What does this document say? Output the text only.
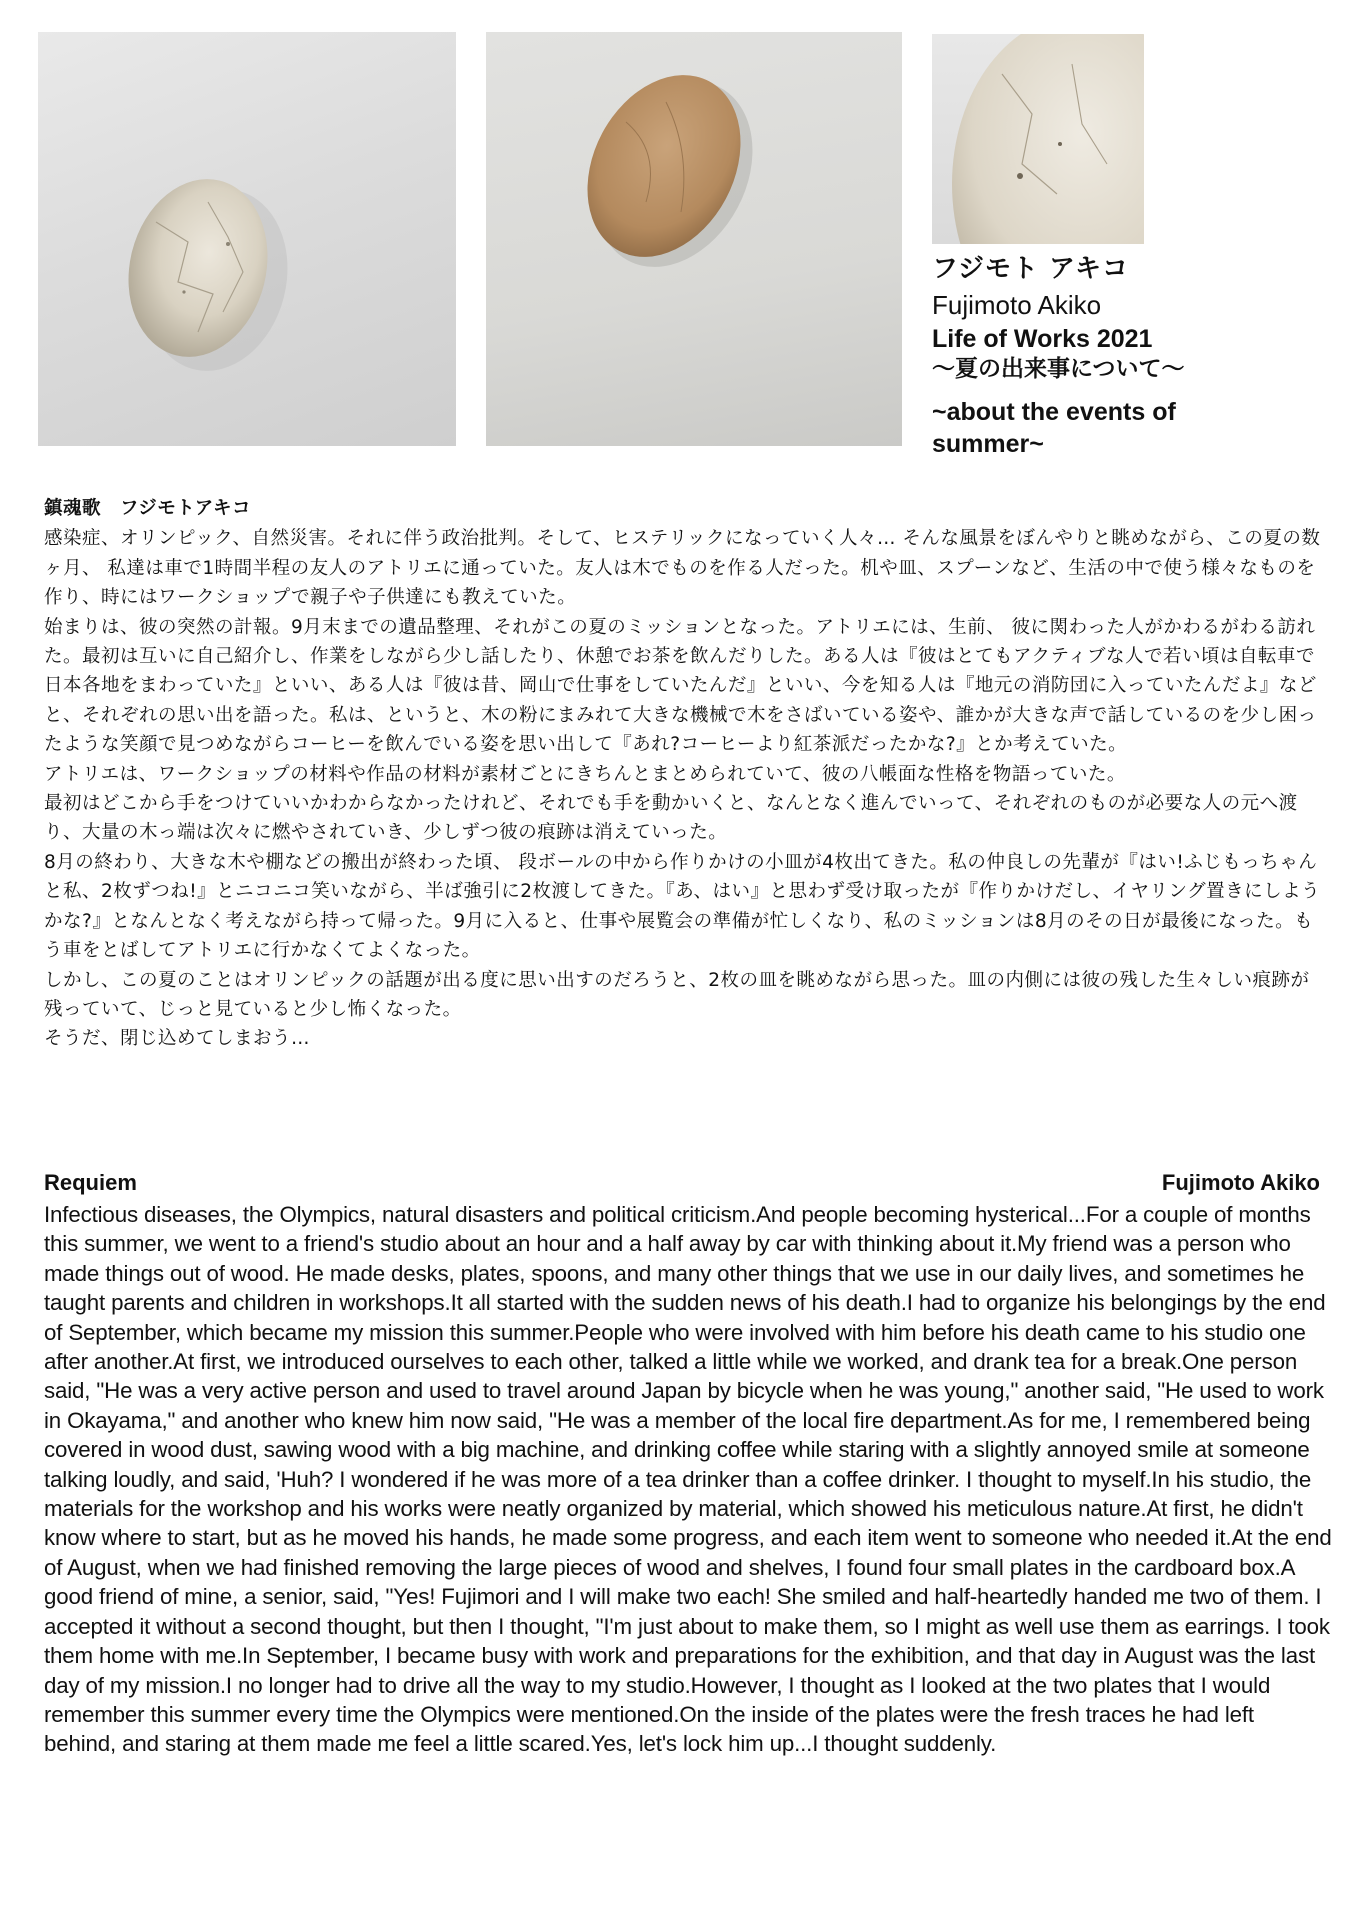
フジモト アキコ
Fujimoto Akiko
Life of Works 2021
〜夏の出来事について〜
~about the events of summer~
鎮魂歌　フジモトアキコ

感染症、オリンピック、自然災害。それに伴う政治批判。そして、ヒステリックになっていく人々… そんな風景をぼんやりと眺めながら、この夏の数ヶ月、 私達は車で1時間半程の友人のアトリエに通っていた。友人は木でものを作る人だった。机や皿、スプーンなど、生活の中で使う様々なものを作り、時にはワークショップで親子や子供達にも教えていた。

始まりは、彼の突然の計報。9月末までの遺品整理、それがこの夏のミッションとなった。アトリエには、生前、 彼に関わった人がかわるがわる訪れた。最初は互いに自己紹介し、作業をしながら少し話したり、休憩でお茶を飲んだりした。ある人は『彼はとてもアクティブな人で若い頃は自転車で日本各地をまわっていた』といい、ある人は『彼は昔、岡山で仕事をしていたんだ』といい、今を知る人は『地元の消防団に入っていたんだよ』などと、それぞれの思い出を語った。私は、というと、木の粉にまみれて大きな機械で木をさばいている姿や、誰かが大きな声で話しているのを少し困ったような笑顔で見つめながらコーヒーを飲んでいる姿を思い出して『あれ?コーヒーより紅茶派だったかな?』とか考えていた。

アトリエは、ワークショップの材料や作品の材料が素材ごとにきちんとまとめられていて、彼の八帳面な性格を物語っていた。

最初はどこから手をつけていいかわからなかったけれど、それでも手を動かいくと、なんとなく進んでいって、それぞれのものが必要な人の元へ渡り、大量の木っ端は次々に燃やされていき、少しずつ彼の痕跡は消えていった。

8月の終わり、大きな木や棚などの搬出が終わった頃、 段ボールの中から作りかけの小皿が4枚出てきた。私の仲良しの先輩が『はい!ふじもっちゃんと私、2枚ずつね!』とニコニコ笑いながら、半ば強引に2枚渡してきた。『あ、はい』と思わず受け取ったが『作りかけだし、イヤリング置きにしようかな?』となんとなく考えながら持って帰った。9月に入ると、仕事や展覧会の準備が忙しくなり、私のミッションは8月のその日が最後になった。もう車をとばしてアトリエに行かなくてよくなった。

しかし、この夏のことはオリンピックの話題が出る度に思い出すのだろうと、2枚の皿を眺めながら思った。皿の内側には彼の残した生々しい痕跡が残っていて、じっと見ていると少し怖くなった。

そうだ、閉じ込めてしまおう…

Requiem	Fujimoto Akiko

Infectious diseases, the Olympics, natural disasters and political criticism.And people becoming hysterical...For a couple of months this summer, we went to a friend's studio about an hour and a half away by car with thinking about it.My friend was a person who made things out of wood. He made desks, plates, spoons, and many other things that we use in our daily lives, and sometimes he taught parents and children in workshops.It all started with the sudden news of his death.I had to organize his belongings by the end of September, which became my mission this summer.People who were involved with him before his death came to his studio one after another.At first, we introduced ourselves to each other, talked a little while we worked, and drank tea for a break.One person said, "He was a very active person and used to travel around Japan by bicycle when he was young," another said, "He used to work in Okayama," and another who knew him now said, "He was a member of the local fire department.As for me, I remembered being covered in wood dust, sawing wood with a big machine, and drinking coffee while staring with a slightly annoyed smile at someone talking loudly, and said, 'Huh? I wondered if he was more of a tea drinker than a coffee drinker. I thought to myself.In his studio, the materials for the workshop and his works were neatly organized by material, which showed his meticulous nature.At first, he didn't know where to start, but as he moved his hands, he made some progress, and each item went to someone who needed it.At the end of August, when we had finished removing the large pieces of wood and shelves, I found four small plates in the cardboard box.A good friend of mine, a senior, said, "Yes! Fujimori and I will make two each! She smiled and half-heartedly handed me two of them. I accepted it without a second thought, but then I thought, "I'm just about to make them, so I might as well use them as earrings. I took them home with me.In September, I became busy with work and preparations for the exhibition, and that day in August was the last day of my mission.I no longer had to drive all the way to my studio.However, I thought as I looked at the two plates that I would remember this summer every time the Olympics were mentioned.On the inside of the plates were the fresh traces he had left behind, and staring at them made me feel a little scared.Yes, let's lock him up...I thought suddenly.
